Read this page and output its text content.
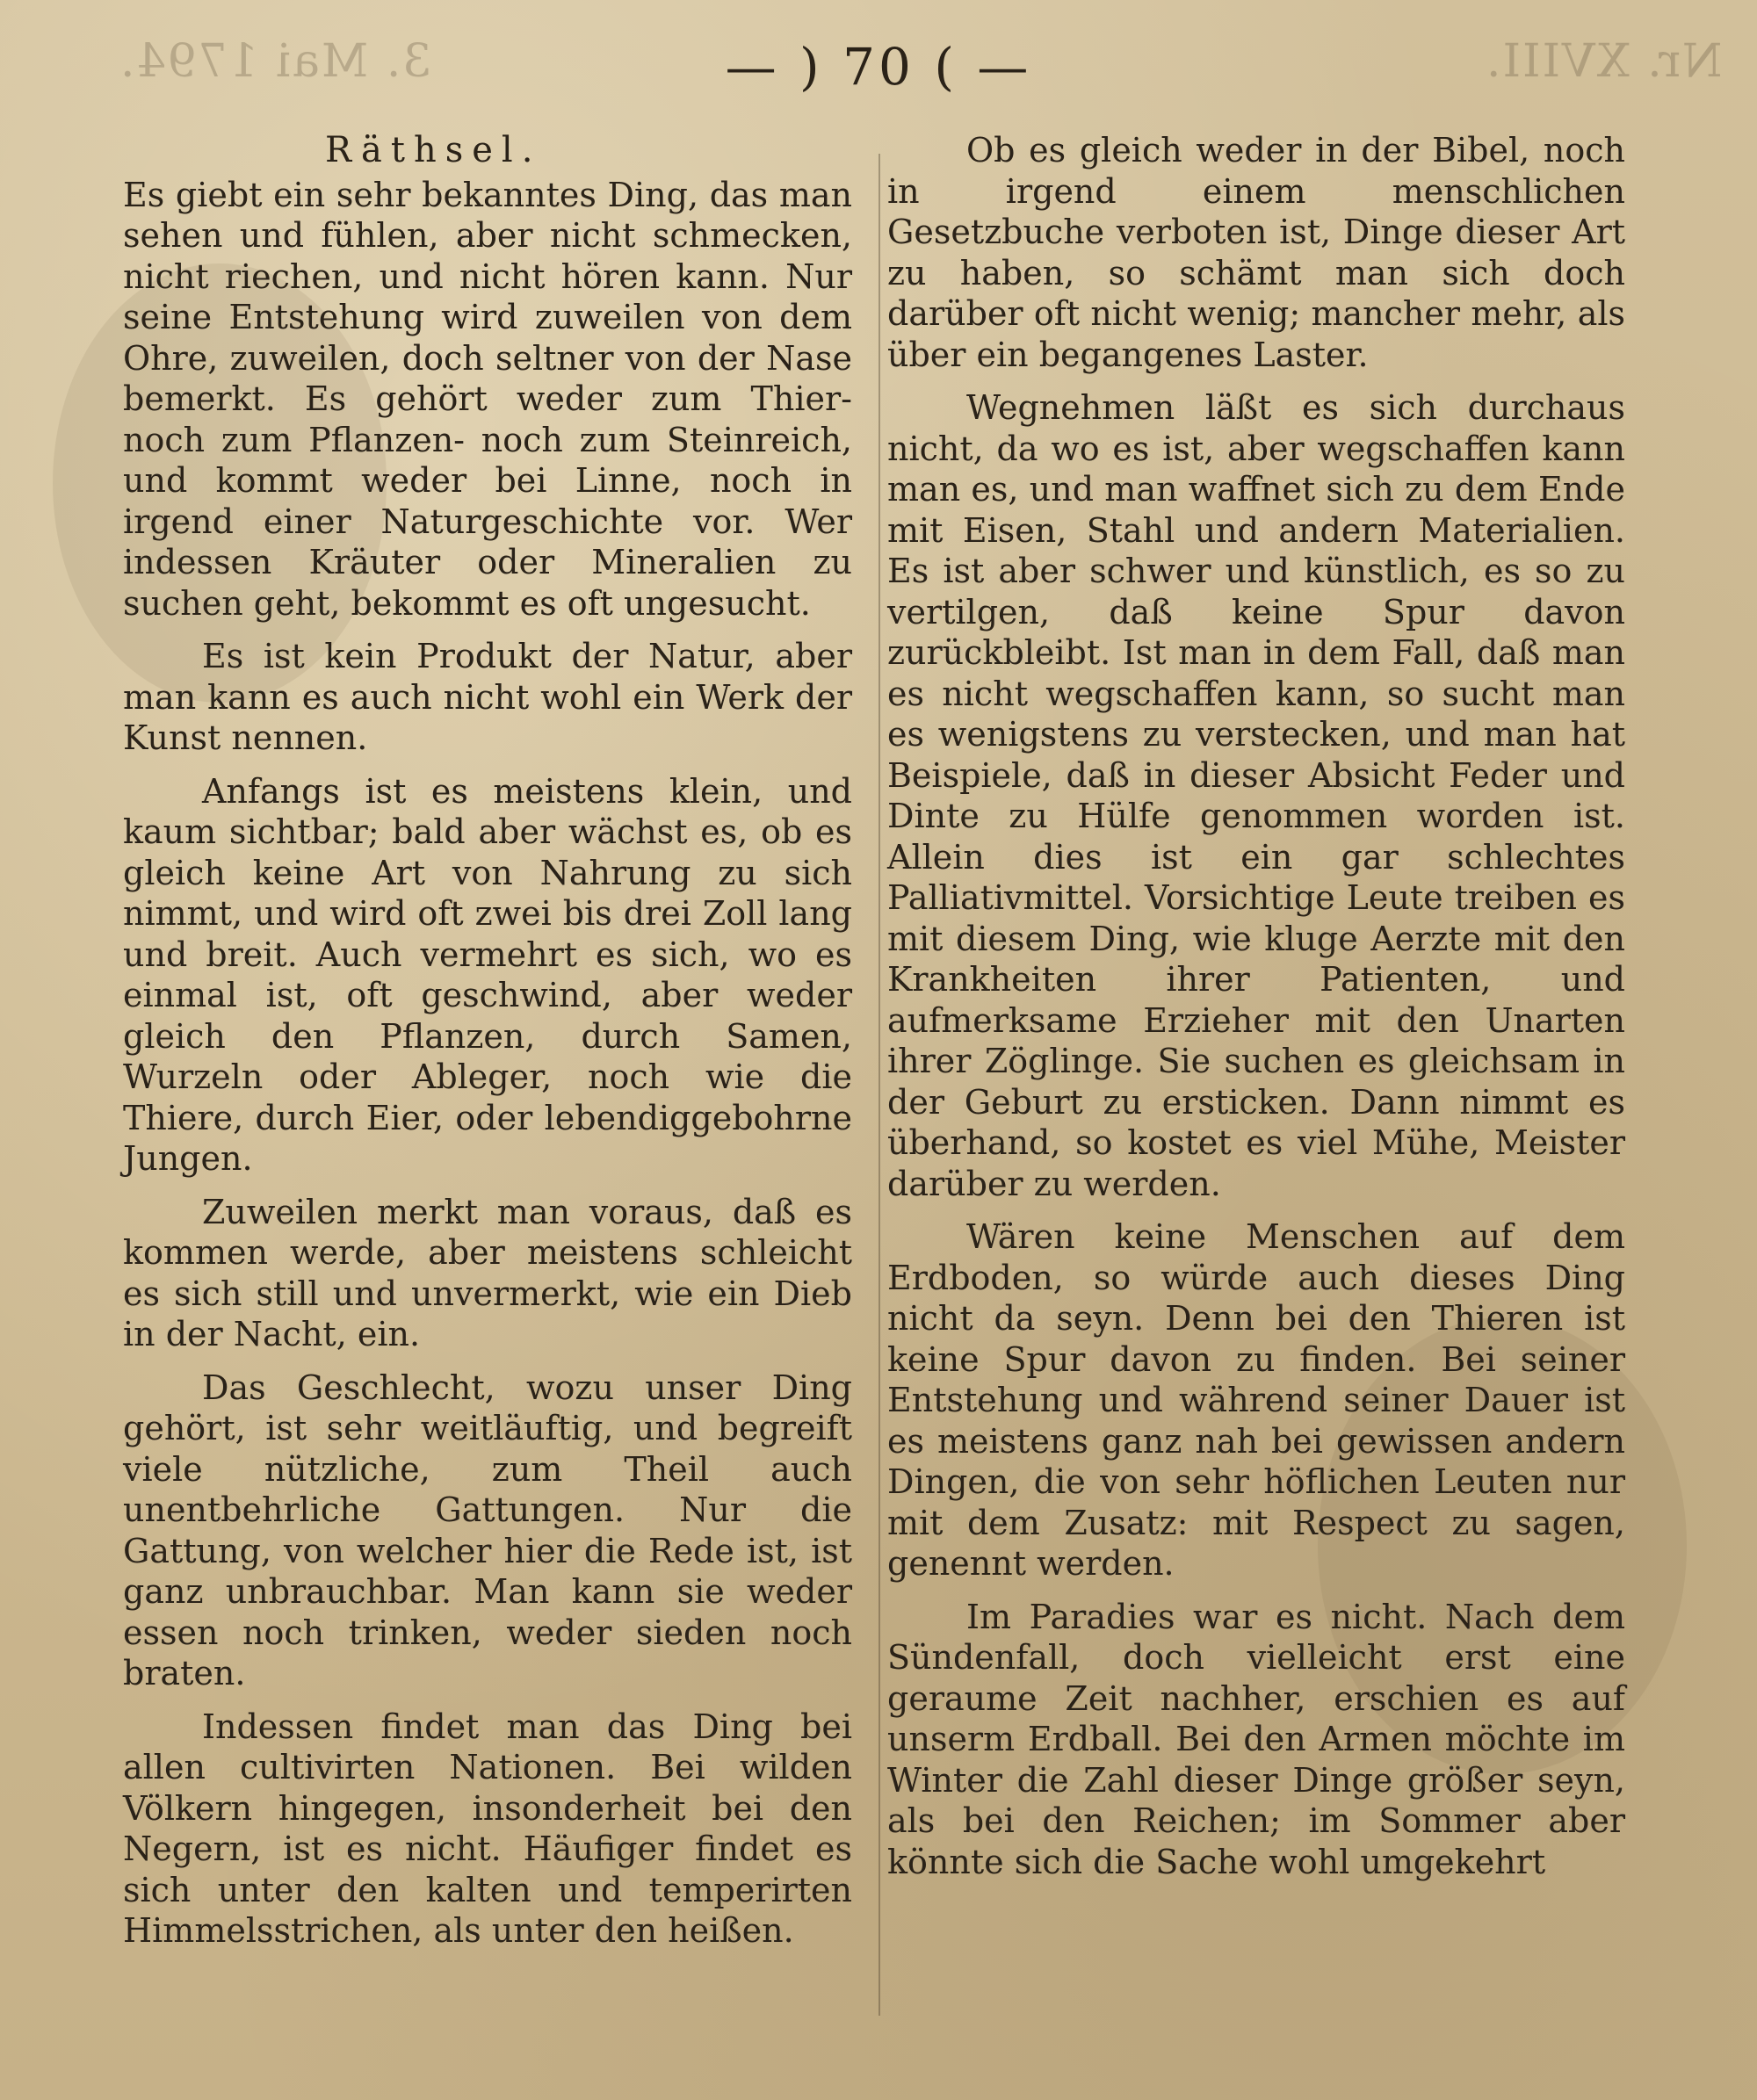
3. Mai 1794.	Nr. XVIII.
— ) 70 ( —
Räthsel.

Es giebt ein sehr bekanntes Ding, das man sehen und fühlen, aber nicht schmecken, nicht riechen, und nicht hören kann. Nur seine Entstehung wird zuweilen von dem Ohre, zuweilen, doch seltner von der Nase bemerkt. Es gehört weder zum Thier- noch zum Pflanzen- noch zum Steinreich, und kommt weder bei Linne, noch in irgend einer Naturgeschichte vor. Wer indessen Kräuter oder Mineralien zu suchen geht, bekommt es oft ungesucht.

Es ist kein Produkt der Natur, aber man kann es auch nicht wohl ein Werk der Kunst nennen.

Anfangs ist es meistens klein, und kaum sichtbar; bald aber wächst es, ob es gleich keine Art von Nahrung zu sich nimmt, und wird oft zwei bis drei Zoll lang und breit. Auch vermehrt es sich, wo es einmal ist, oft geschwind, aber weder gleich den Pflanzen, durch Samen, Wurzeln oder Ableger, noch wie die Thiere, durch Eier, oder lebendiggebohrne Jungen.

Zuweilen merkt man voraus, daß es kommen werde, aber meistens schleicht es sich still und unvermerkt, wie ein Dieb in der Nacht, ein.

Das Geschlecht, wozu unser Ding gehört, ist sehr weitläuftig, und begreift viele nützliche, zum Theil auch unentbehrliche Gattungen. Nur die Gattung, von welcher hier die Rede ist, ist ganz unbrauchbar. Man kann sie weder essen noch trinken, weder sieden noch braten.

Indessen findet man das Ding bei allen cultivirten Nationen. Bei wilden Völkern hingegen, insonderheit bei den Negern, ist es nicht. Häufiger findet es sich unter den kalten und temperirten Himmelsstrichen, als unter den heißen.

Ob es gleich weder in der Bibel, noch in irgend einem menschlichen Gesetzbuche verboten ist, Dinge dieser Art zu haben, so schämt man sich doch darüber oft nicht wenig; mancher mehr, als über ein begangenes Laster.

Wegnehmen läßt es sich durchaus nicht, da wo es ist, aber wegschaffen kann man es, und man waffnet sich zu dem Ende mit Eisen, Stahl und andern Materialien. Es ist aber schwer und künstlich, es so zu vertilgen, daß keine Spur davon zurückbleibt. Ist man in dem Fall, daß man es nicht wegschaffen kann, so sucht man es wenigstens zu verstecken, und man hat Beispiele, daß in dieser Absicht Feder und Dinte zu Hülfe genommen worden ist. Allein dies ist ein gar schlechtes Palliativmittel. Vorsichtige Leute treiben es mit diesem Ding, wie kluge Aerzte mit den Krankheiten ihrer Patienten, und aufmerksame Erzieher mit den Unarten ihrer Zöglinge. Sie suchen es gleichsam in der Geburt zu ersticken. Dann nimmt es überhand, so kostet es viel Mühe, Meister darüber zu werden.

Wären keine Menschen auf dem Erdboden, so würde auch dieses Ding nicht da seyn. Denn bei den Thieren ist keine Spur davon zu finden. Bei seiner Entstehung und während seiner Dauer ist es meistens ganz nah bei gewissen andern Dingen, die von sehr höflichen Leuten nur mit dem Zusatz: mit Respect zu sagen, genennt werden.

Im Paradies war es nicht. Nach dem Sündenfall, doch vielleicht erst eine geraume Zeit nachher, erschien es auf unserm Erdball. Bei den Armen möchte im Winter die Zahl dieser Dinge größer seyn, als bei den Reichen; im Sommer aber könnte sich die Sache wohl umgekehrt
